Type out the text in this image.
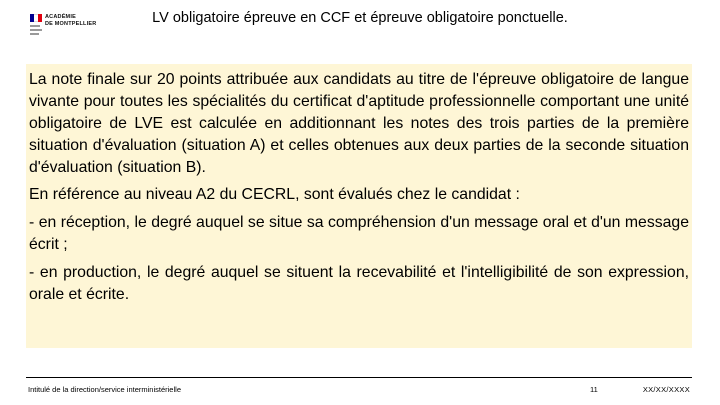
ACADÉMIE
DE MONTPELLIER	LV obligatoire épreuve en CCF et épreuve obligatoire ponctuelle.

La note finale sur 20 points attribuée aux candidats au titre de l'épreuve obligatoire de langue vivante pour toutes les spécialités du certificat d'aptitude professionnelle comportant une unité obligatoire de LVE est calculée en additionnant les notes des trois parties de la première situation d'évaluation (situation A) et celles obtenues aux deux parties de la seconde situation d'évaluation (situation B).

En référence au niveau A2 du CECRL, sont évalués chez le candidat :

- en réception, le degré auquel se situe sa compréhension d'un message oral et d'un message écrit ;

- en production, le degré auquel se situent la recevabilité et l'intelligibilité de son expression, orale et écrite.

Intitulé de la direction/service interministérielle	11	XX/XX/XXXX
